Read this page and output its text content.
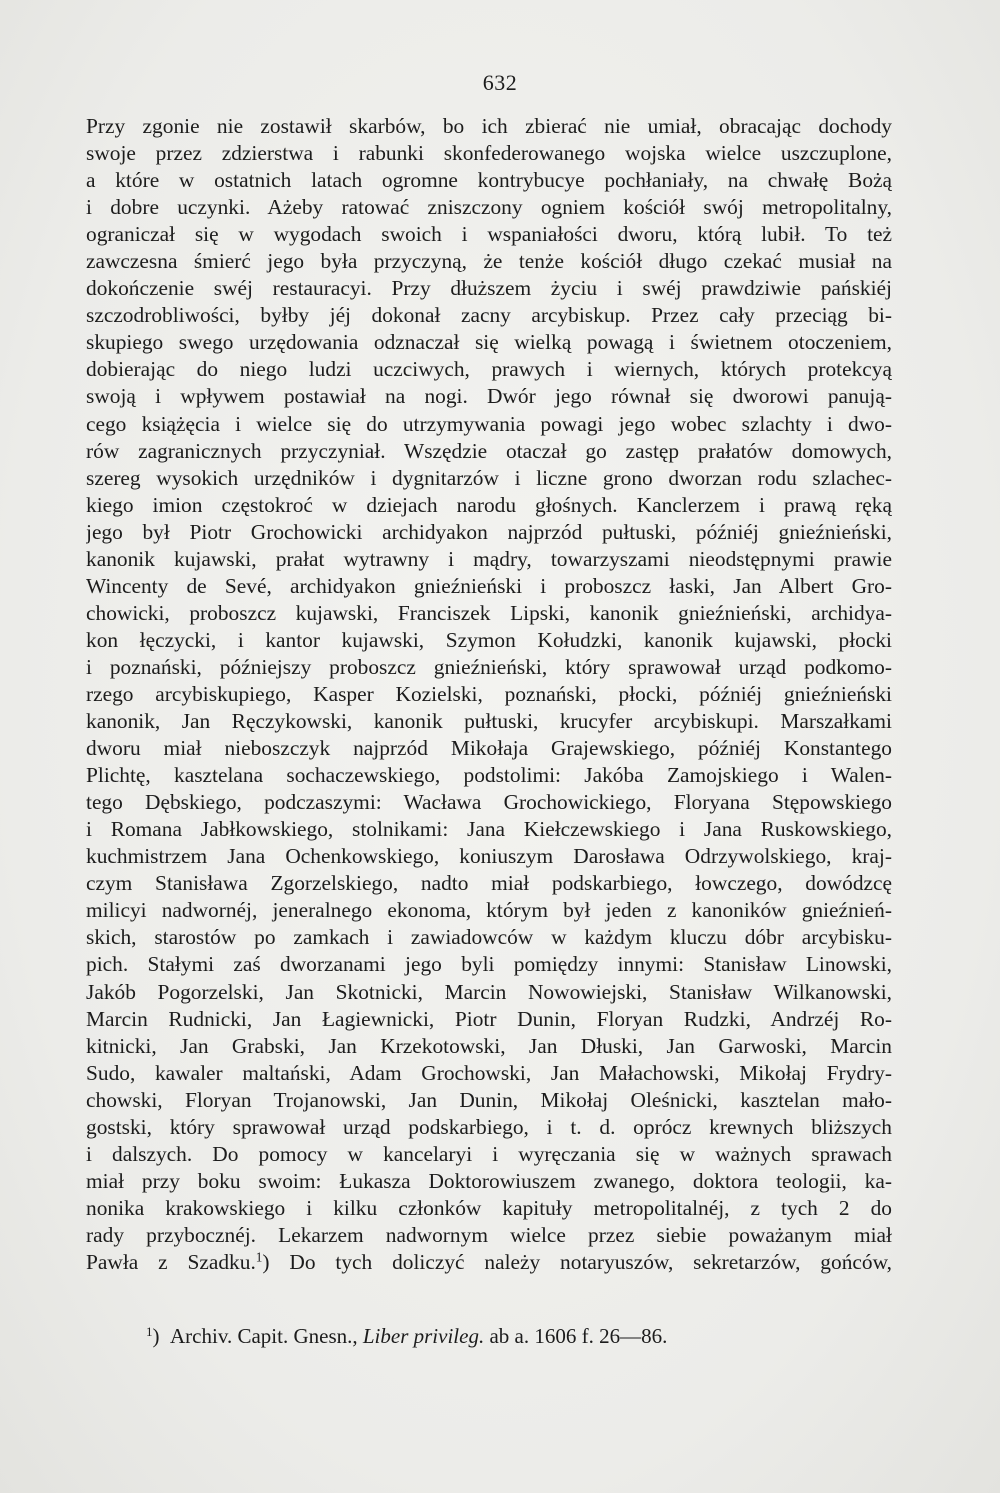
632
Przy zgonie nie zostawił skarbów, bo ich zbierać nie umiał, obracając dochody
swoje przez zdzierstwa i rabunki skonfederowanego wojska wielce uszczuplone,
a które w ostatnich latach ogromne kontrybucye pochłaniały, na chwałę Bożą
i dobre uczynki. Ażeby ratować zniszczony ogniem kościół swój metropolitalny,
ograniczał się w wygodach swoich i wspaniałości dworu, którą lubił. To też
zawczesna śmierć jego była przyczyną, że tenże kościół długo czekać musiał na
dokończenie swéj restauracyi. Przy dłuższem życiu i swéj prawdziwie pańskiéj
szczodrobliwości, byłby jéj dokonał zacny arcybiskup. Przez cały przeciąg bi-
skupiego swego urzędowania odznaczał się wielką powagą i świetnem otoczeniem,
dobierając do niego ludzi uczciwych, prawych i wiernych, których protekcyą
swoją i wpływem postawiał na nogi. Dwór jego równał się dworowi panują-
cego książęcia i wielce się do utrzymywania powagi jego wobec szlachty i dwo-
rów zagranicznych przyczyniał. Wszędzie otaczał go zastęp prałatów domowych,
szereg wysokich urzędników i dygnitarzów i liczne grono dworzan rodu szlachec-
kiego imion częstokroć w dziejach narodu głośnych. Kanclerzem i prawą ręką
jego był Piotr Grochowicki archidyakon najprzód pułtuski, późniéj gnieźnieński,
kanonik kujawski, prałat wytrawny i mądry, towarzyszami nieodstępnymi prawie
Wincenty de Sevé, archidyakon gnieźnieński i proboszcz łaski, Jan Albert Gro-
chowicki, proboszcz kujawski, Franciszek Lipski, kanonik gnieźnieński, archidya-
kon łęczycki, i kantor kujawski, Szymon Kołudzki, kanonik kujawski, płocki
i poznański, późniejszy proboszcz gnieźnieński, który sprawował urząd podkomo-
rzego arcybiskupiego, Kasper Kozielski, poznański, płocki, późniéj gnieźnieński
kanonik, Jan Ręczykowski, kanonik pułtuski, krucyfer arcybiskupi. Marszałkami
dworu miał nieboszczyk najprzód Mikołaja Grajewskiego, późniéj Konstantego
Plichtę, kasztelana sochaczewskiego, podstolimi: Jakóba Zamojskiego i Walen-
tego Dębskiego, podczaszymi: Wacława Grochowickiego, Floryana Stępowskiego
i Romana Jabłkowskiego, stolnikami: Jana Kiełczewskiego i Jana Ruskowskiego,
kuchmistrzem Jana Ochenkowskiego, koniuszym Darosława Odrzywolskiego, kraj-
czym Stanisława Zgorzelskiego, nadto miał podskarbiego, łowczego, dowódzcę
milicyi nadwornéj, jeneralnego ekonoma, którym był jeden z kanoników gnieźnień-
skich, starostów po zamkach i zawiadowców w każdym kluczu dóbr arcybisku-
pich. Stałymi zaś dworzanami jego byli pomiędzy innymi: Stanisław Linowski,
Jakób Pogorzelski, Jan Skotnicki, Marcin Nowowiejski, Stanisław Wilkanowski,
Marcin Rudnicki, Jan Łagiewnicki, Piotr Dunin, Floryan Rudzki, Andrzéj Ro-
kitnicki, Jan Grabski, Jan Krzekotowski, Jan Dłuski, Jan Garwoski, Marcin
Sudo, kawaler maltański, Adam Grochowski, Jan Małachowski, Mikołaj Frydry-
chowski, Floryan Trojanowski, Jan Dunin, Mikołaj Oleśnicki, kasztelan mało-
gostski, który sprawował urząd podskarbiego, i t. d. oprócz krewnych bliższych
i dalszych. Do pomocy w kancelaryi i wyręczania się w ważnych sprawach
miał przy boku swoim: Łukasza Doktorowiuszem zwanego, doktora teologii, ka-
nonika krakowskiego i kilku członków kapituły metropolitalnéj, z tych 2 do
rady przybocznéj. Lekarzem nadwornym wielce przez siebie poważanym miał
Pawła z Szadku.$^1$) Do tych doliczyć należy notaryuszów, sekretarzów, gońców,
$^1$)  Archiv. Capit. Gnesn., Liber privileg. ab a. 1606 f. 26—86.
